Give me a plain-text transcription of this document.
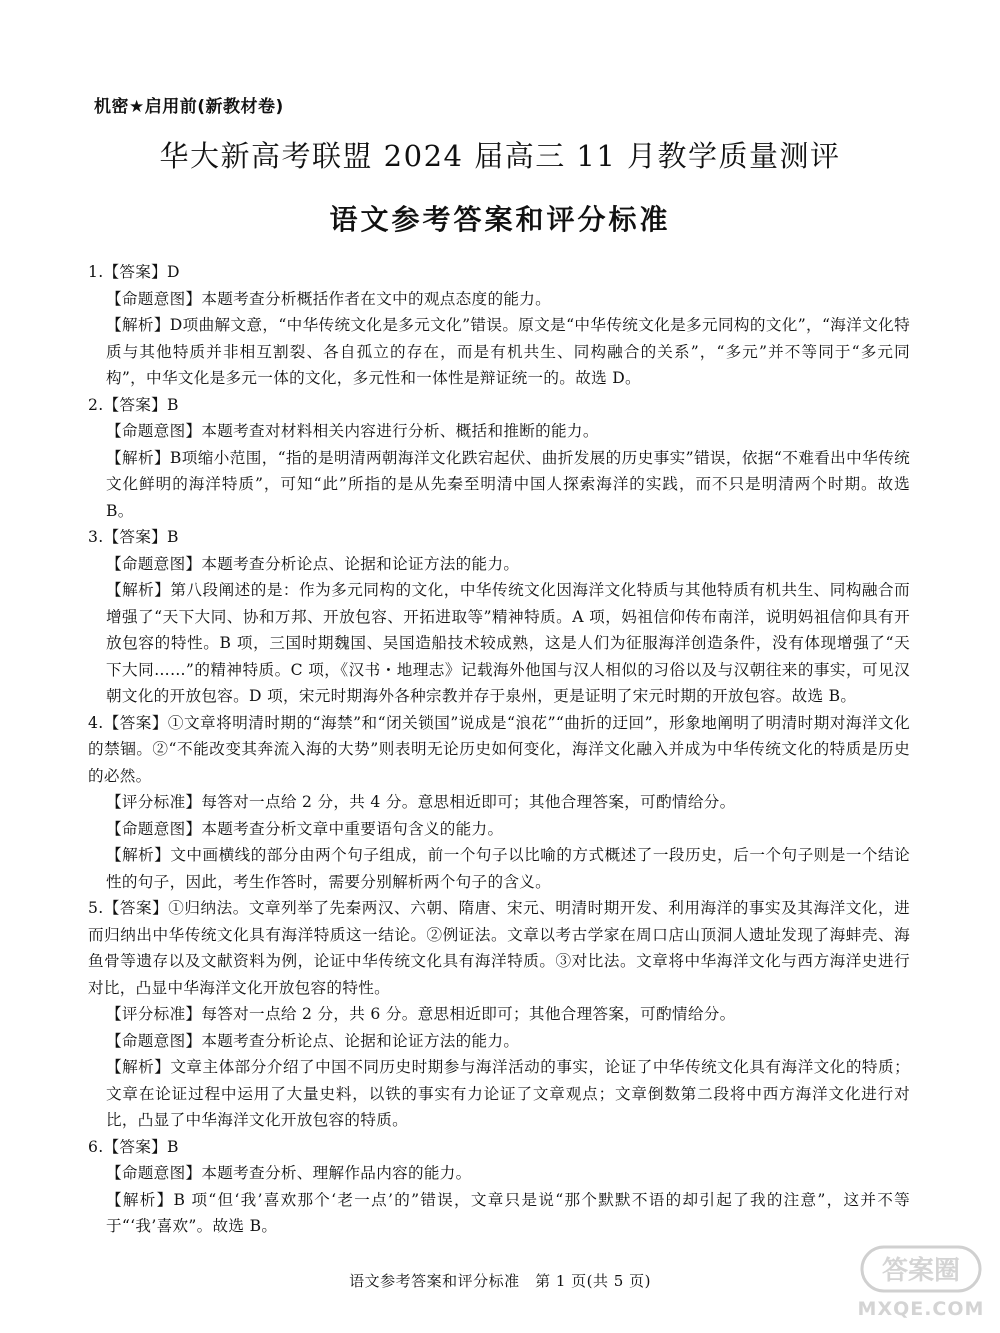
机密★启用前(新教材卷)
华大新高考联盟 2024 届高三 11 月教学质量测评
语文参考答案和评分标准

1.【答案】D

【命题意图】本题考查分析概括作者在文中的观点态度的能力。

【解析】D项曲解文意，“中华传统文化是多元文化”错误。原文是“中华传统文化是多元同构的文化”，“海洋文化特质与其他特质并非相互割裂、各自孤立的存在，而是有机共生、同构融合的关系”，“多元”并不等同于“多元同构”，中华文化是多元一体的文化，多元性和一体性是辩证统一的。故选 D。

2.【答案】B

【命题意图】本题考查对材料相关内容进行分析、概括和推断的能力。

【解析】B项缩小范围，“指的是明清两朝海洋文化跌宕起伏、曲折发展的历史事实”错误，依据“不难看出中华传统文化鲜明的海洋特质”，可知“此”所指的是从先秦至明清中国人探索海洋的实践，而不只是明清两个时期。故选 B。

3.【答案】B

【命题意图】本题考查分析论点、论据和论证方法的能力。

【解析】第八段阐述的是：作为多元同构的文化，中华传统文化因海洋文化特质与其他特质有机共生、同构融合而增强了“天下大同、协和万邦、开放包容、开拓进取等”精神特质。A 项，妈祖信仰传布南洋，说明妈祖信仰具有开放包容的特性。B 项，三国时期魏国、吴国造船技术较成熟，这是人们为征服海洋创造条件，没有体现增强了“天下大同……”的精神特质。C 项，《汉书・地理志》记载海外他国与汉人相似的习俗以及与汉朝往来的事实，可见汉朝文化的开放包容。D 项，宋元时期海外各种宗教并存于泉州，更是证明了宋元时期的开放包容。故选 B。

4.【答案】①文章将明清时期的“海禁”和“闭关锁国”说成是“浪花”“曲折的迂回”，形象地阐明了明清时期对海洋文化的禁锢。②“不能改变其奔流入海的大势”则表明无论历史如何变化，海洋文化融入并成为中华传统文化的特质是历史的必然。

【评分标准】每答对一点给 2 分，共 4 分。意思相近即可；其他合理答案，可酌情给分。

【命题意图】本题考查分析文章中重要语句含义的能力。

【解析】文中画横线的部分由两个句子组成，前一个句子以比喻的方式概述了一段历史，后一个句子则是一个结论性的句子，因此，考生作答时，需要分别解析两个句子的含义。

5.【答案】①归纳法。文章列举了先秦两汉、六朝、隋唐、宋元、明清时期开发、利用海洋的事实及其海洋文化，进而归纳出中华传统文化具有海洋特质这一结论。②例证法。文章以考古学家在周口店山顶洞人遗址发现了海蚌壳、海鱼骨等遗存以及文献资料为例，论证中华传统文化具有海洋特质。③对比法。文章将中华海洋文化与西方海洋史进行对比，凸显中华海洋文化开放包容的特性。

【评分标准】每答对一点给 2 分，共 6 分。意思相近即可；其他合理答案，可酌情给分。

【命题意图】本题考查分析论点、论据和论证方法的能力。

【解析】文章主体部分介绍了中国不同历史时期参与海洋活动的事实，论证了中华传统文化具有海洋文化的特质；文章在论证过程中运用了大量史料，以铁的事实有力论证了文章观点；文章倒数第二段将中西方海洋文化进行对比，凸显了中华海洋文化开放包容的特质。

6.【答案】B

【命题意图】本题考查分析、理解作品内容的能力。

【解析】B 项“但‘我’喜欢那个‘老一点’的”错误，文章只是说“那个默默不语的却引起了我的注意”，这并不等于“‘我’喜欢”。故选 B。

语文参考答案和评分标准　第 1 页(共 5 页)	答案圈
MXQE.COM
